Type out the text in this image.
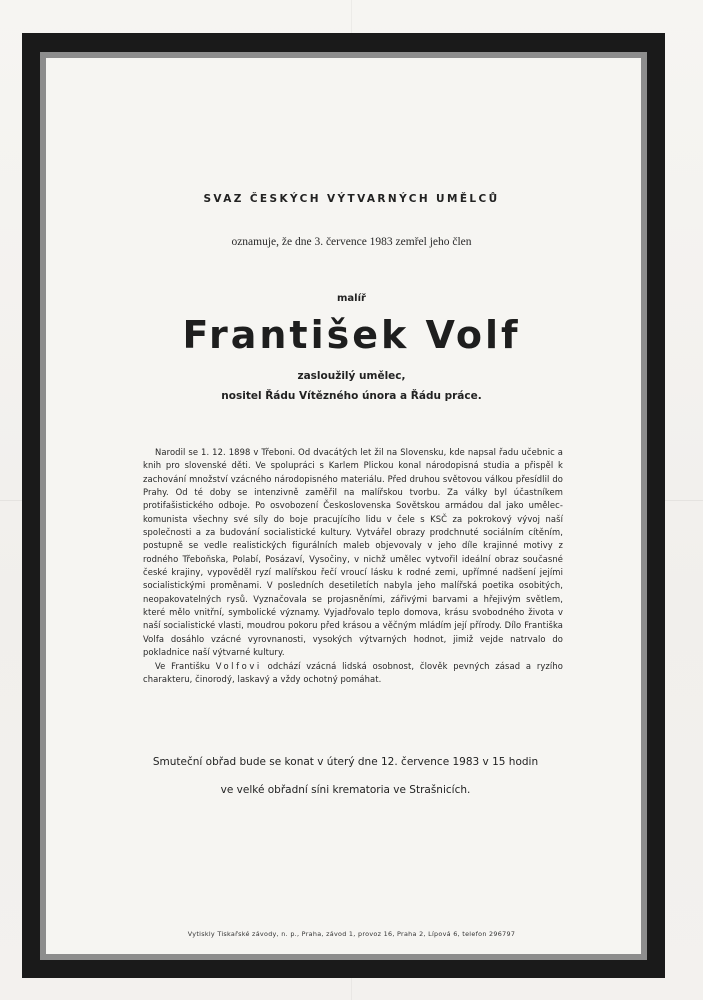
SVAZ ČESKÝCH VÝTVARNÝCH UMĚLCŮ
oznamuje, že dne 3. července 1983 zemřel jeho člen
malíř
František Volf
zasloužilý umělec,
nositel Řádu Vítězného února a Řádu práce.

Narodil se 1. 12. 1898 v Třeboni. Od dvacátých let žil na Slovensku, kde napsal řadu učebnic a knih pro slovenské děti. Ve spolupráci s Karlem Plickou konal národopisná studia a přispěl k zachování množství vzácného národopisného materiálu. Před druhou světovou válkou přesídlil do Prahy. Od té doby se intenzivně zaměřil na malířskou tvorbu. Za války byl účastníkem protifašistického odboje. Po osvobození Československa Sovětskou armádou dal jako umělec-komunista všechny své síly do boje pracujícího lidu v čele s KSČ za pokrokový vývoj naší společnosti a za budování socialistické kultury. Vytvářel obrazy prodchnuté sociálním cítěním, postupně se vedle realistických figurálních maleb objevovaly v jeho díle krajinné motivy z rodného Třeboňska, Polabí, Posázaví, Vysočiny, v nichž umělec vytvořil ideální obraz současné české krajiny, vypověděl ryzí malířskou řečí vroucí lásku k rodné zemi, upřímné nadšení jejími socialistickými proměnami. V posledních desetiletích nabyla jeho malířská poetika osobitých, neopakovatelných rysů. Vyznačovala se projasněními, zářivými barvami a hřejivým světlem, které mělo vnitřní, symbolické významy. Vyjadřovalo teplo domova, krásu svobodného života v naší socialistické vlasti, moudrou pokoru před krásou a věčným mládím její přírody. Dílo Františka Volfa dosáhlo vzácné vyrovnanosti, vysokých výtvarných hodnot, jimiž vejde natrvalo do pokladnice naší výtvarné kultury.

Ve Františku Volfovi odchází vzácná lidská osobnost, člověk pevných zásad a ryzího charakteru, činorodý, laskavý a vždy ochotný pomáhat.

Smuteční obřad bude se konat v úterý dne 12. července 1983 v 15 hodin
ve velké obřadní síni krematoria ve Strašnicích.
Vytiskly Tiskařské závody, n. p., Praha, závod 1, provoz 16, Praha 2, Lípová 6, telefon 296797
